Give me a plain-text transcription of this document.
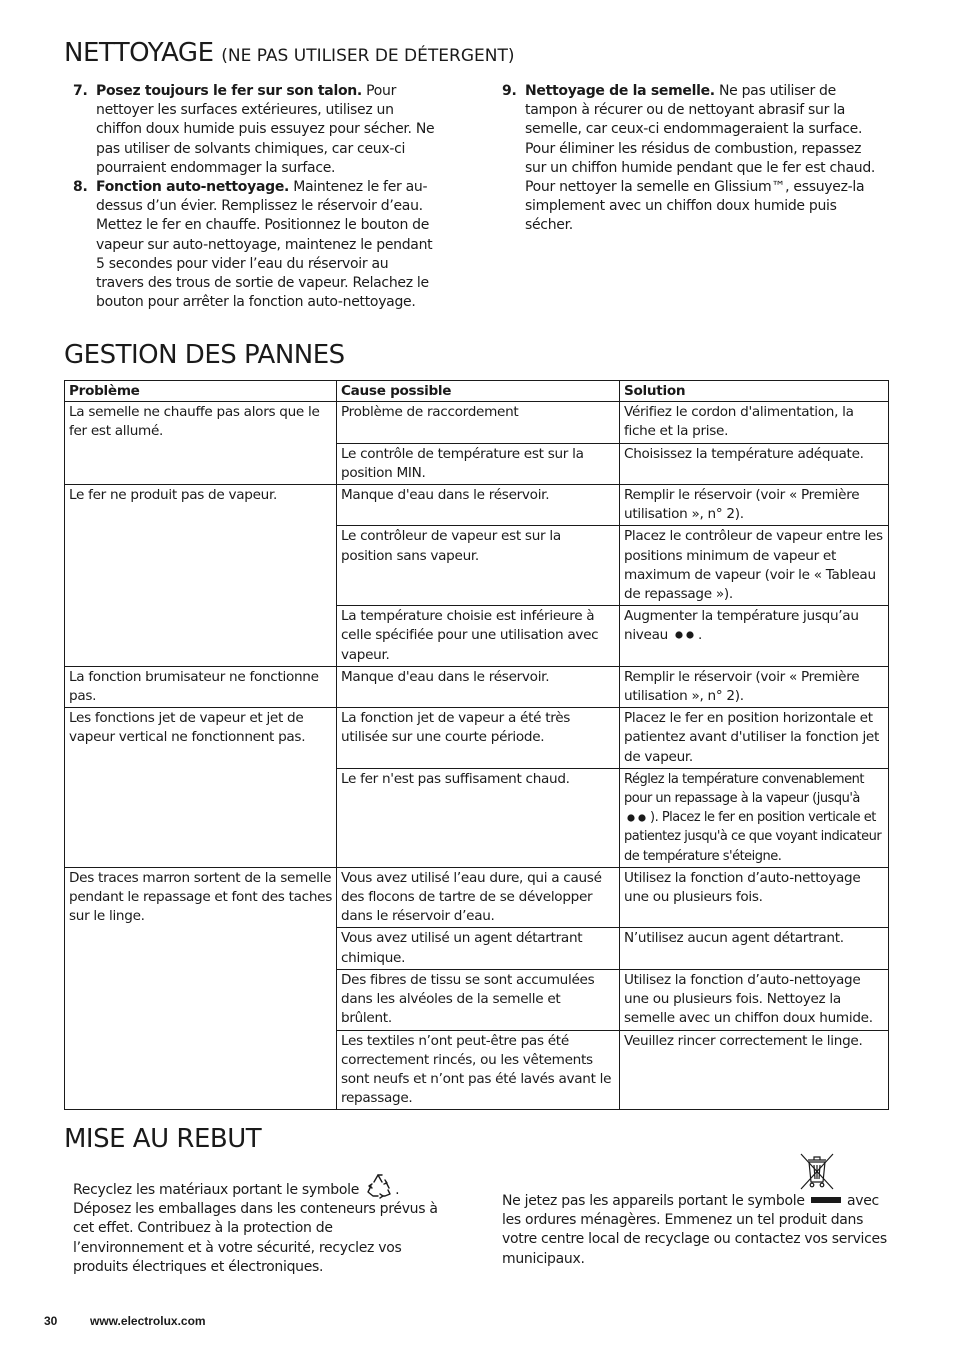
NETTOYAGE (NE PAS UTILISER DE DÉTERGENT)
7. Posez toujours le fer sur son talon. Pour nettoyer les surfaces extérieures, utilisez un chiffon doux humide puis essuyez pour sécher. Ne pas utiliser de solvants chimiques, car ceux-ci pourraient endommager la surface.
8. Fonction auto-nettoyage. Maintenez le fer au-dessus d’un évier. Remplissez le réservoir d’eau. Mettez le fer en chauffe. Positionnez le bouton de vapeur sur auto-nettoyage, maintenez le pendant 5 secondes pour vider l’eau du réservoir au travers des trous de sortie de vapeur. Relachez le bouton pour arrêter la fonction auto-nettoyage.
9. Nettoyage de la semelle. Ne pas utiliser de tampon à récurer ou de nettoyant abrasif sur la semelle, car ceux-ci endommageraient la surface. Pour éliminer les résidus de combustion, repassez sur un chiffon humide pendant que le fer est chaud. Pour nettoyer la semelle en Glissium™, essuyez-la simplement avec un chiffon doux humide puis sécher.
GESTION DES PANNES
Problème	Cause possible	Solution
La semelle ne chauffe pas alors que le fer est allumé.	Problème de raccordement	Vérifiez le cordon d'alimentation, la fiche et la prise.
	Le contrôle de température est sur la position MIN.	Choisissez la température adéquate.
Le fer ne produit pas de vapeur.	Manque d'eau dans le réservoir.	Remplir le réservoir (voir « Première utilisation », n° 2).
	Le contrôleur de vapeur est sur la position sans vapeur.	Placez le contrôleur de vapeur entre les positions minimum de vapeur et maximum de vapeur (voir le « Tableau de repassage »).
	La température choisie est inférieure à celle spécifiée pour une utilisation avec vapeur.	Augmenter la température jusqu’au niveau .
La fonction brumisateur ne fonctionne pas.	Manque d'eau dans le réservoir.	Remplir le réservoir (voir « Première utilisation », n° 2).
Les fonctions jet de vapeur et jet de vapeur vertical ne fonctionnent pas.	La fonction jet de vapeur a été très utilisée sur une courte période.	Placez le fer en position horizontale et patientez avant d'utiliser la fonction jet de vapeur.
	Le fer n'est pas suffisament chaud.	Réglez la température convenablement pour un repassage à la vapeur (jusqu'à ). Placez le fer en position verticale et patientez jusqu'à ce que voyant indicateur de température s'éteigne.
Des traces marron sortent de la semelle pendant le repassage et font des taches sur le linge.	Vous avez utilisé l’eau dure, qui a causé des flocons de tartre de se développer dans le réservoir d’eau.	Utilisez la fonction d’auto-nettoyage une ou plusieurs fois.
	Vous avez utilisé un agent détartrant chimique.	N’utilisez aucun agent détartrant.
	Des fibres de tissu se sont accumulées dans les alvéoles de la semelle et brûlent.	Utilisez la fonction d’auto-nettoyage une ou plusieurs fois. Nettoyez la semelle avec un chiffon doux humide.
	Les textiles n’ont peut-être pas été correctement rincés, ou les vêtements sont neufs et n’ont pas été lavés avant le repassage.	Veuillez rincer correctement le linge.
MISE AU REBUT
Recyclez les matériaux portant le symbole	. Déposez les emballages dans les conteneurs prévus à cet effet. Contribuez à la protection de l’environnement et à votre sécurité, recyclez vos produits électriques et électroniques.
Ne jetez pas les appareils portant le symbole	avec les ordures ménagères. Emmenez un tel produit dans votre centre local de recyclage ou contactez vos services municipaux.
30	www.electrolux.com
